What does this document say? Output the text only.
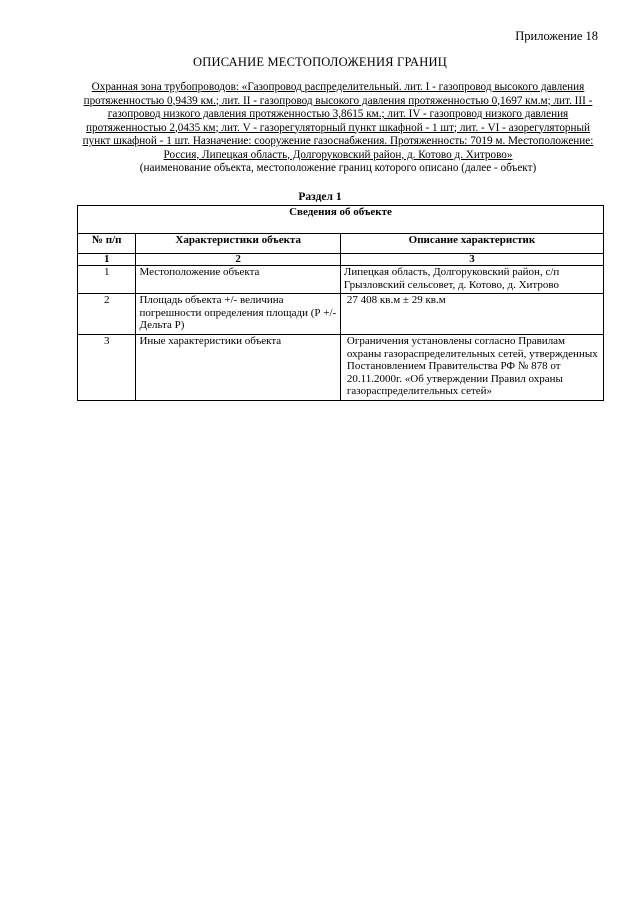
Приложение 18
ОПИСАНИЕ МЕСТОПОЛОЖЕНИЯ ГРАНИЦ
Охранная зона трубопроводов: «Газопровод распределительный. лит. I - газопровод высокого давления протяженностью 0,9439 км.; лит. II - газопровод высокого давления протяженностью 0,1697 км.м; лит. III - газопровод низкого давления протяженностью 3,8615 км.; лит. IV - газопровод низкого давления протяженностью 2,0435 км; лит. V - газорегуляторный пункт шкафной - 1 шт; лит. - VI - азорегуляторный пункт шкафной - 1 шт. Назначение: сооружение газоснабжения. Протяженность: 7019 м. Местоположение: Россия, Липецкая область, Долгоруковский район, д. Котово д. Хитрово»
(наименование объекта, местоположение границ которого описано (далее - объект)
Раздел 1
Сведения об объекте		
№ п/п	Характеристики объекта	Описание характеристик
1	2	3
1	Местоположение объекта	Липецкая область, Долгоруковский район, с/п Грызловский сельсовет, д. Котово, д. Хитрово
2	Площадь объекта +/- величина погрешности определения площади (Р +/- Дельта Р)	27 408 кв.м ± 29 кв.м
3	Иные характеристики объекта	Ограничения установлены согласно Правилам охраны газораспределительных сетей, утвержденных Постановлением Правительства РФ № 878 от 20.11.2000г. «Об утверждении Правил охраны газораспределительных сетей»
